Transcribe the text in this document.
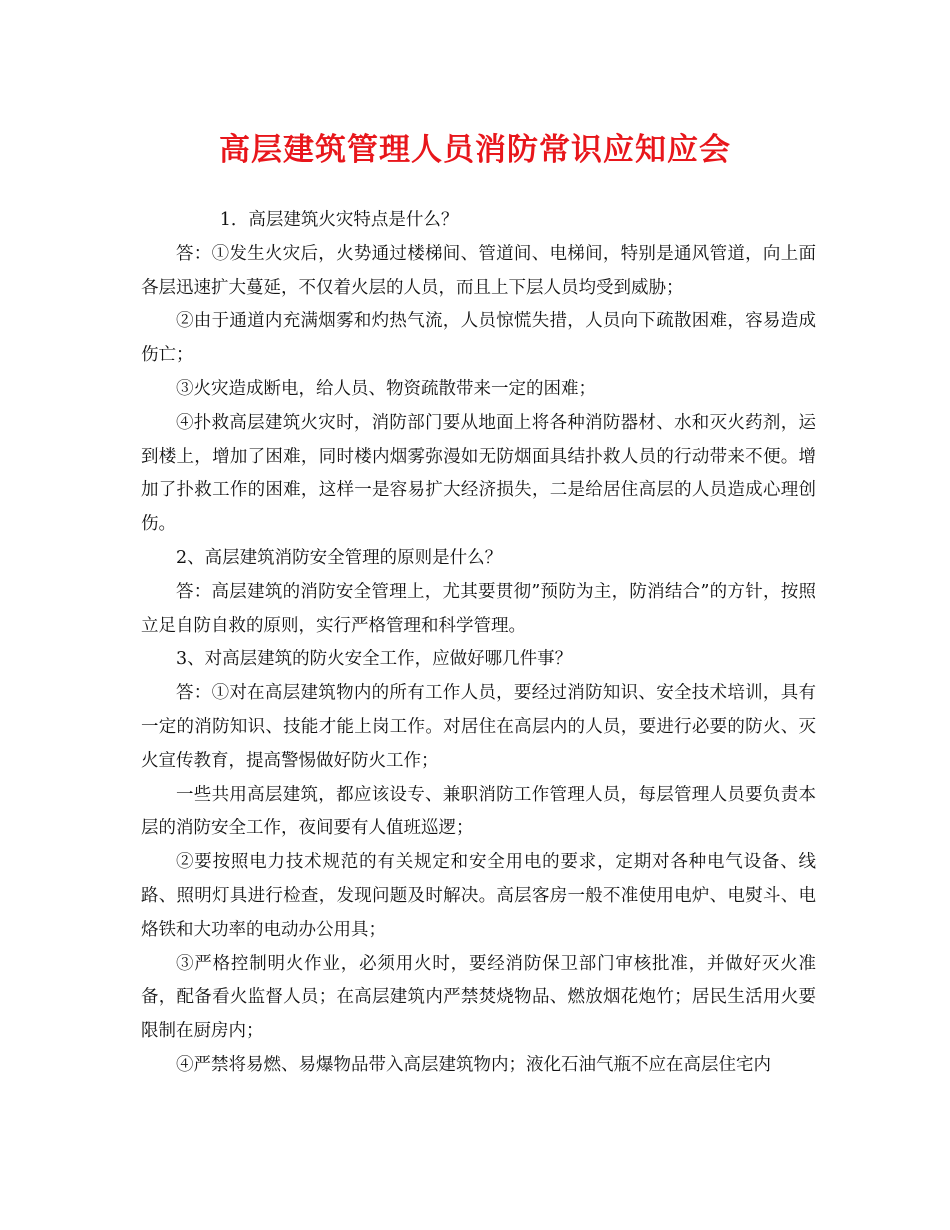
高层建筑管理人员消防常识应知应会

1．高层建筑火灾特点是什么？

答：①发生火灾后，火势通过楼梯间、管道间、电梯间，特别是通风管道，向上面各层迅速扩大蔓延，不仅着火层的人员，而且上下层人员均受到威胁；

②由于通道内充满烟雾和灼热气流，人员惊慌失措，人员向下疏散困难，容易造成伤亡；

③火灾造成断电，给人员、物资疏散带来一定的困难；

④扑救高层建筑火灾时，消防部门要从地面上将各种消防器材、水和灭火药剂，运到楼上，增加了困难，同时楼内烟雾弥漫如无防烟面具结扑救人员的行动带来不便。增加了扑救工作的困难，这样一是容易扩大经济损失，二是给居住高层的人员造成心理创伤。

2、高层建筑消防安全管理的原则是什么？

答：高层建筑的消防安全管理上，尤其要贯彻”预防为主，防消结合”的方针，按照立足自防自救的原则，实行严格管理和科学管理。

3、对高层建筑的防火安全工作，应做好哪几件事？

答：①对在高层建筑物内的所有工作人员，要经过消防知识、安全技术培训，具有一定的消防知识、技能才能上岗工作。对居住在高层内的人员，要进行必要的防火、灭火宣传教育，提高警惕做好防火工作；

一些共用高层建筑，都应该设专、兼职消防工作管理人员，每层管理人员要负责本层的消防安全工作，夜间要有人值班巡逻；

②要按照电力技术规范的有关规定和安全用电的要求，定期对各种电气设备、线路、照明灯具进行检查，发现问题及时解决。高层客房一般不准使用电炉、电熨斗、电烙铁和大功率的电动办公用具；

③严格控制明火作业，必须用火时，要经消防保卫部门审核批准，并做好灭火准备，配备看火监督人员；在高层建筑内严禁焚烧物品、燃放烟花炮竹；居民生活用火要限制在厨房内；

④严禁将易燃、易爆物品带入高层建筑物内；液化石油气瓶不应在高层住宅内
